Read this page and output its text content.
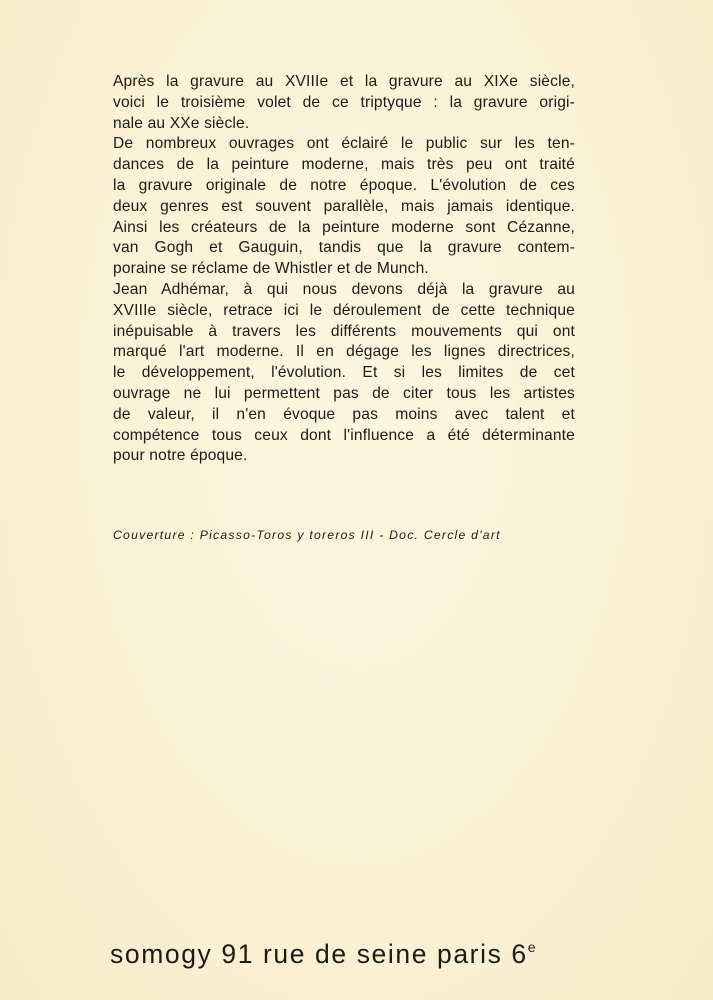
Après la gravure au XVIIIe et la gravure au XIXe siècle,
voici le troisième volet de ce triptyque : la gravure origi-
nale au XXe siècle.
De nombreux ouvrages ont éclairé le public sur les ten-
dances de la peinture moderne, mais très peu ont traité
la gravure originale de notre époque. L'évolution de ces
deux genres est souvent parallèle, mais jamais identique.
Ainsi les créateurs de la peinture moderne sont Cézanne,
van Gogh et Gauguin, tandis que la gravure contem-
poraine se réclame de Whistler et de Munch.
Jean Adhémar, à qui nous devons déjà la gravure au
XVIIIe siècle, retrace ici le déroulement de cette technique
inépuisable à travers les différents mouvements qui ont
marqué l'art moderne. Il en dégage les lignes directrices,
le développement, l'évolution. Et si les limites de cet
ouvrage ne lui permettent pas de citer tous les artistes
de valeur, il n'en évoque pas moins avec talent et
compétence tous ceux dont l'influence a été déterminante
pour notre époque.
Couverture : Picasso-Toros y toreros III - Doc. Cercle d'art
somogy 91 rue de seine paris 6e
